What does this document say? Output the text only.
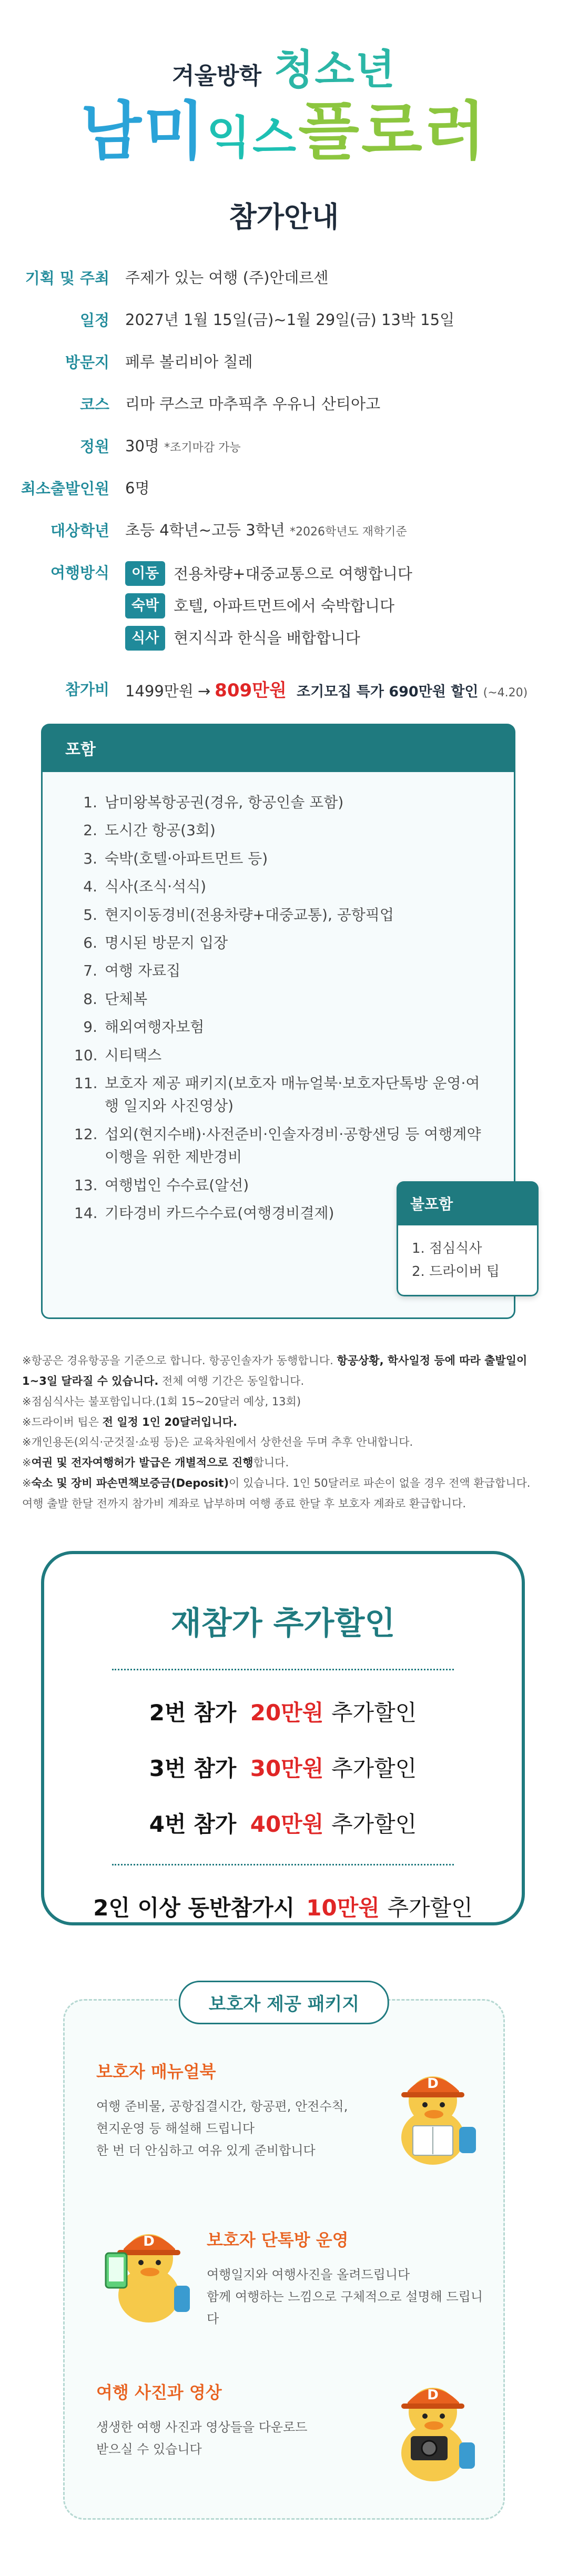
겨울방학 청소년
남미익스플로러
참가안내
기획 및 주최	주제가 있는 여행 (주)안데르센
일정	2027년 1월 15일(금)~1월 29일(금) 13박 15일
방문지	페루 볼리비아 칠레
코스	리마 쿠스코 마추픽추 우유니 산티아고
정원	30명 *조기마감 가능
최소출발인원	6명
대상학년	초등 4학년~고등 3학년 *2026학년도 재학기준
여행방식	이동 전용차량+대중교통으로 여행합니다
숙박 호텔, 아파트먼트에서 숙박합니다
식사 현지식과 한식을 배합합니다
참가비	1499만원 → 809만원 조기모집 특가 690만원 할인 (~4.20)
포함
1. 남미왕복항공권(경유, 항공인솔 포함)
2. 도시간 항공(3회)
3. 숙박(호텔·아파트먼트 등)
4. 식사(조식·석식)
5. 현지이동경비(전용차량+대중교통), 공항픽업
6. 명시된 방문지 입장
7. 여행 자료집
8. 단체복
9. 해외여행자보험
10. 시티택스
11. 보호자 제공 패키지(보호자 매뉴얼북·보호자단톡방 운영·여행 일지와 사진영상)
12. 섭외(현지수배)·사전준비·인솔자경비·공항샌딩 등 여행계약 이행을 위한 제반경비
13. 여행법인 수수료(알선)
14. 기타경비 카드수수료(여행경비결제)
불포함
1. 점심식사
2. 드라이버 팁

※항공은 경유항공을 기준으로 합니다. 항공인솔자가 동행합니다. 항공상황, 학사일정 등에 따라 출발일이 1~3일 달라질 수 있습니다. 전체 여행 기간은 동일합니다.

※점심식사는 불포함입니다.(1회 15~20달러 예상, 13회)

※드라이버 팁은 전 일정 1인 20달러입니다.

※개인용돈(외식·군것질·쇼핑 등)은 교육차원에서 상한선을 두며 추후 안내합니다.

※여권 및 전자여행허가 발급은 개별적으로 진행합니다.

※숙소 및 장비 파손면책보증금(Deposit)이 있습니다. 1인 50달러로 파손이 없을 경우 전액 환급합니다.

여행 출발 한달 전까지 참가비 계좌로 납부하며 여행 종료 한달 후 보호자 계좌로 환급합니다.

재참가 추가할인
2번 참가 20만원 추가할인
3번 참가 30만원 추가할인
4번 참가 40만원 추가할인
2인 이상 동반참가시 10만원 추가할인
보호자 제공 패키지
보호자 매뉴얼북
여행 준비물, 공항집결시간, 항공편, 안전수칙,
현지운영 등 해설해 드립니다
한 번 더 안심하고 여유 있게 준비합니다
D
D	보호자 단톡방 운영
여행일지와 여행사진을 올려드립니다
함께 여행하는 느낌으로 구체적으로 설명해 드립니다
여행 사진과 영상
생생한 여행 사진과 영상들을 다운로드
받으실 수 있습니다
D
